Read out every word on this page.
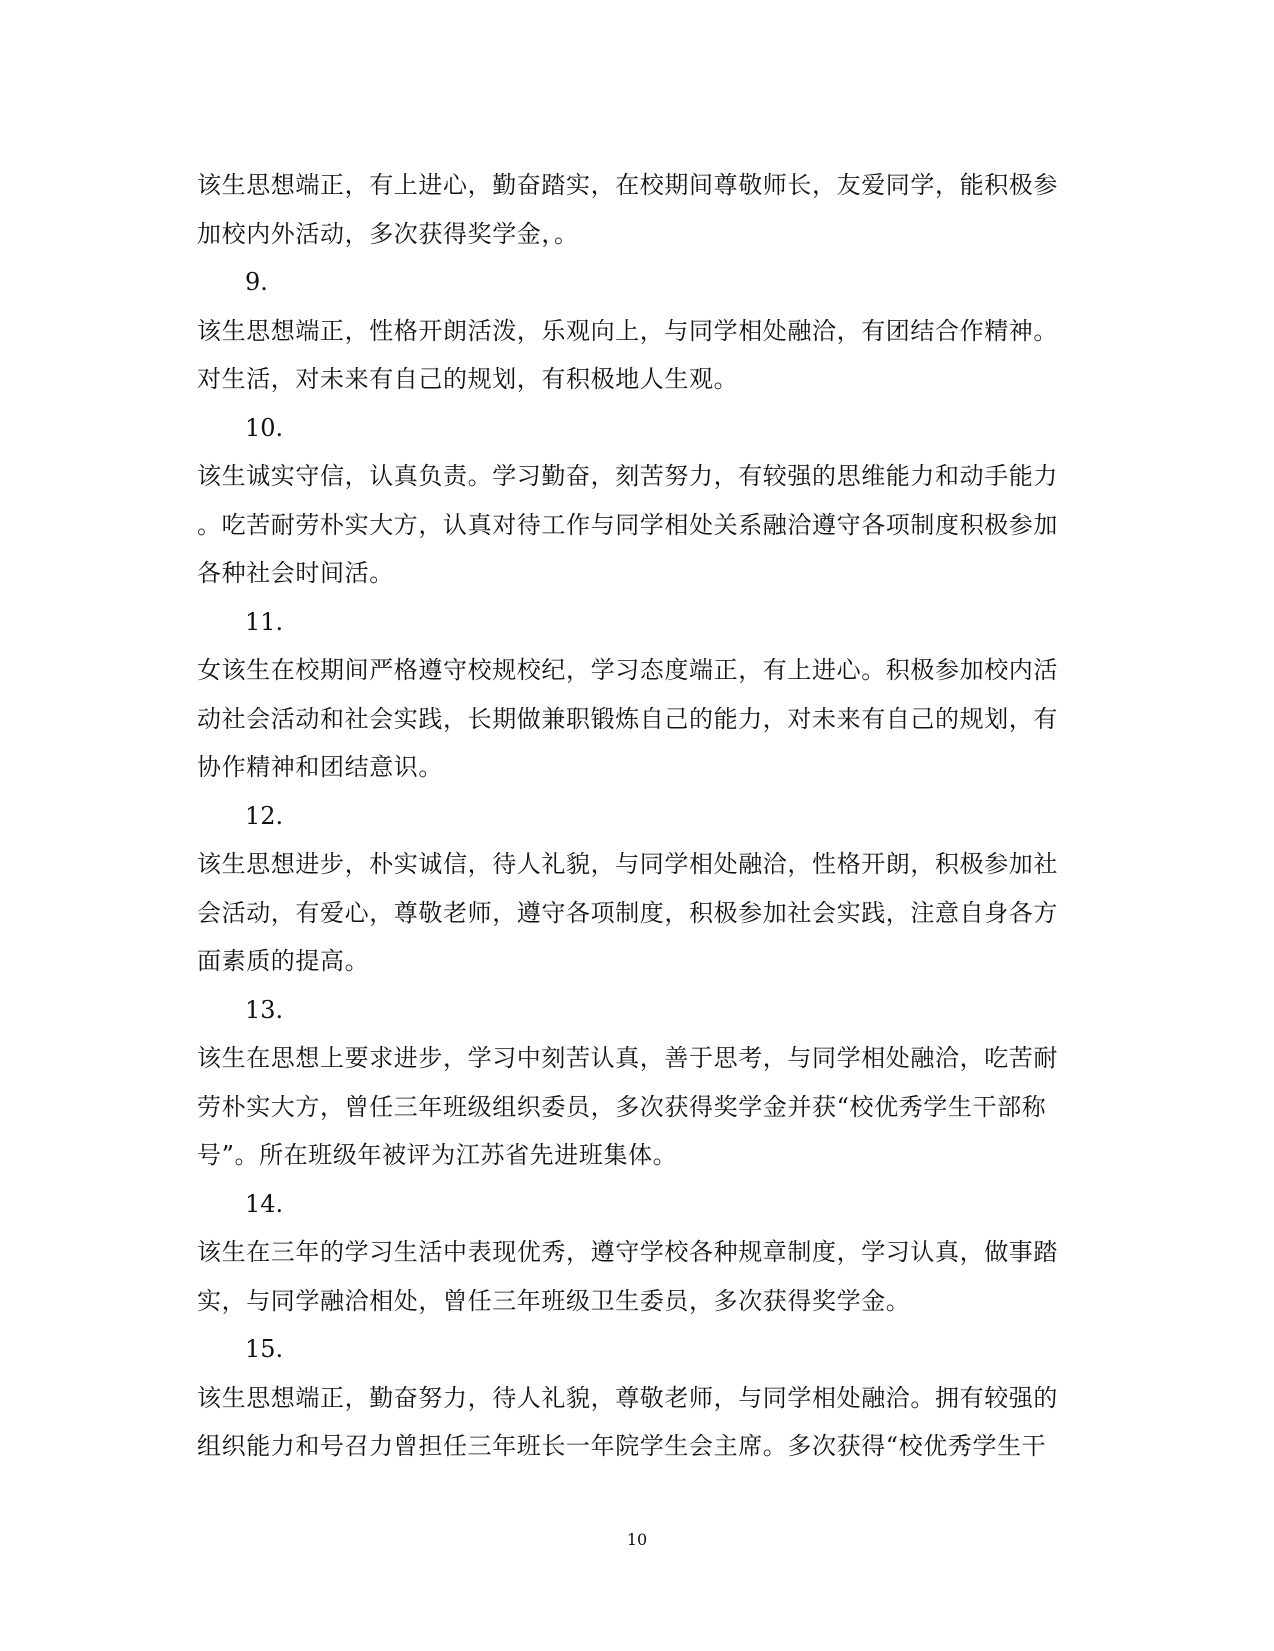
该生思想端正，有上进心，勤奋踏实，在校期间尊敬师长，友爱同学，能积极参

加校内外活动，多次获得奖学金，。

9.

该生思想端正，性格开朗活泼，乐观向上，与同学相处融洽，有团结合作精神。

对生活，对未来有自己的规划，有积极地人生观。

10.

该生诚实守信，认真负责。学习勤奋，刻苦努力，有较强的思维能力和动手能力

。吃苦耐劳朴实大方，认真对待工作与同学相处关系融洽遵守各项制度积极参加

各种社会时间活。

11.

女该生在校期间严格遵守校规校纪，学习态度端正，有上进心。积极参加校内活

动社会活动和社会实践，长期做兼职锻炼自己的能力，对未来有自己的规划，有

协作精神和团结意识。

12.

该生思想进步，朴实诚信，待人礼貌，与同学相处融洽，性格开朗，积极参加社

会活动，有爱心，尊敬老师，遵守各项制度，积极参加社会实践，注意自身各方

面素质的提高。

13.

该生在思想上要求进步，学习中刻苦认真，善于思考，与同学相处融洽，吃苦耐

劳朴实大方，曾任三年班级组织委员，多次获得奖学金并获“校优秀学生干部称

号”。所在班级年被评为江苏省先进班集体。

14.

该生在三年的学习生活中表现优秀，遵守学校各种规章制度，学习认真，做事踏

实，与同学融洽相处，曾任三年班级卫生委员，多次获得奖学金。

15.

该生思想端正，勤奋努力，待人礼貌，尊敬老师，与同学相处融洽。拥有较强的

组织能力和号召力曾担任三年班长一年院学生会主席。多次获得“校优秀学生干

10
